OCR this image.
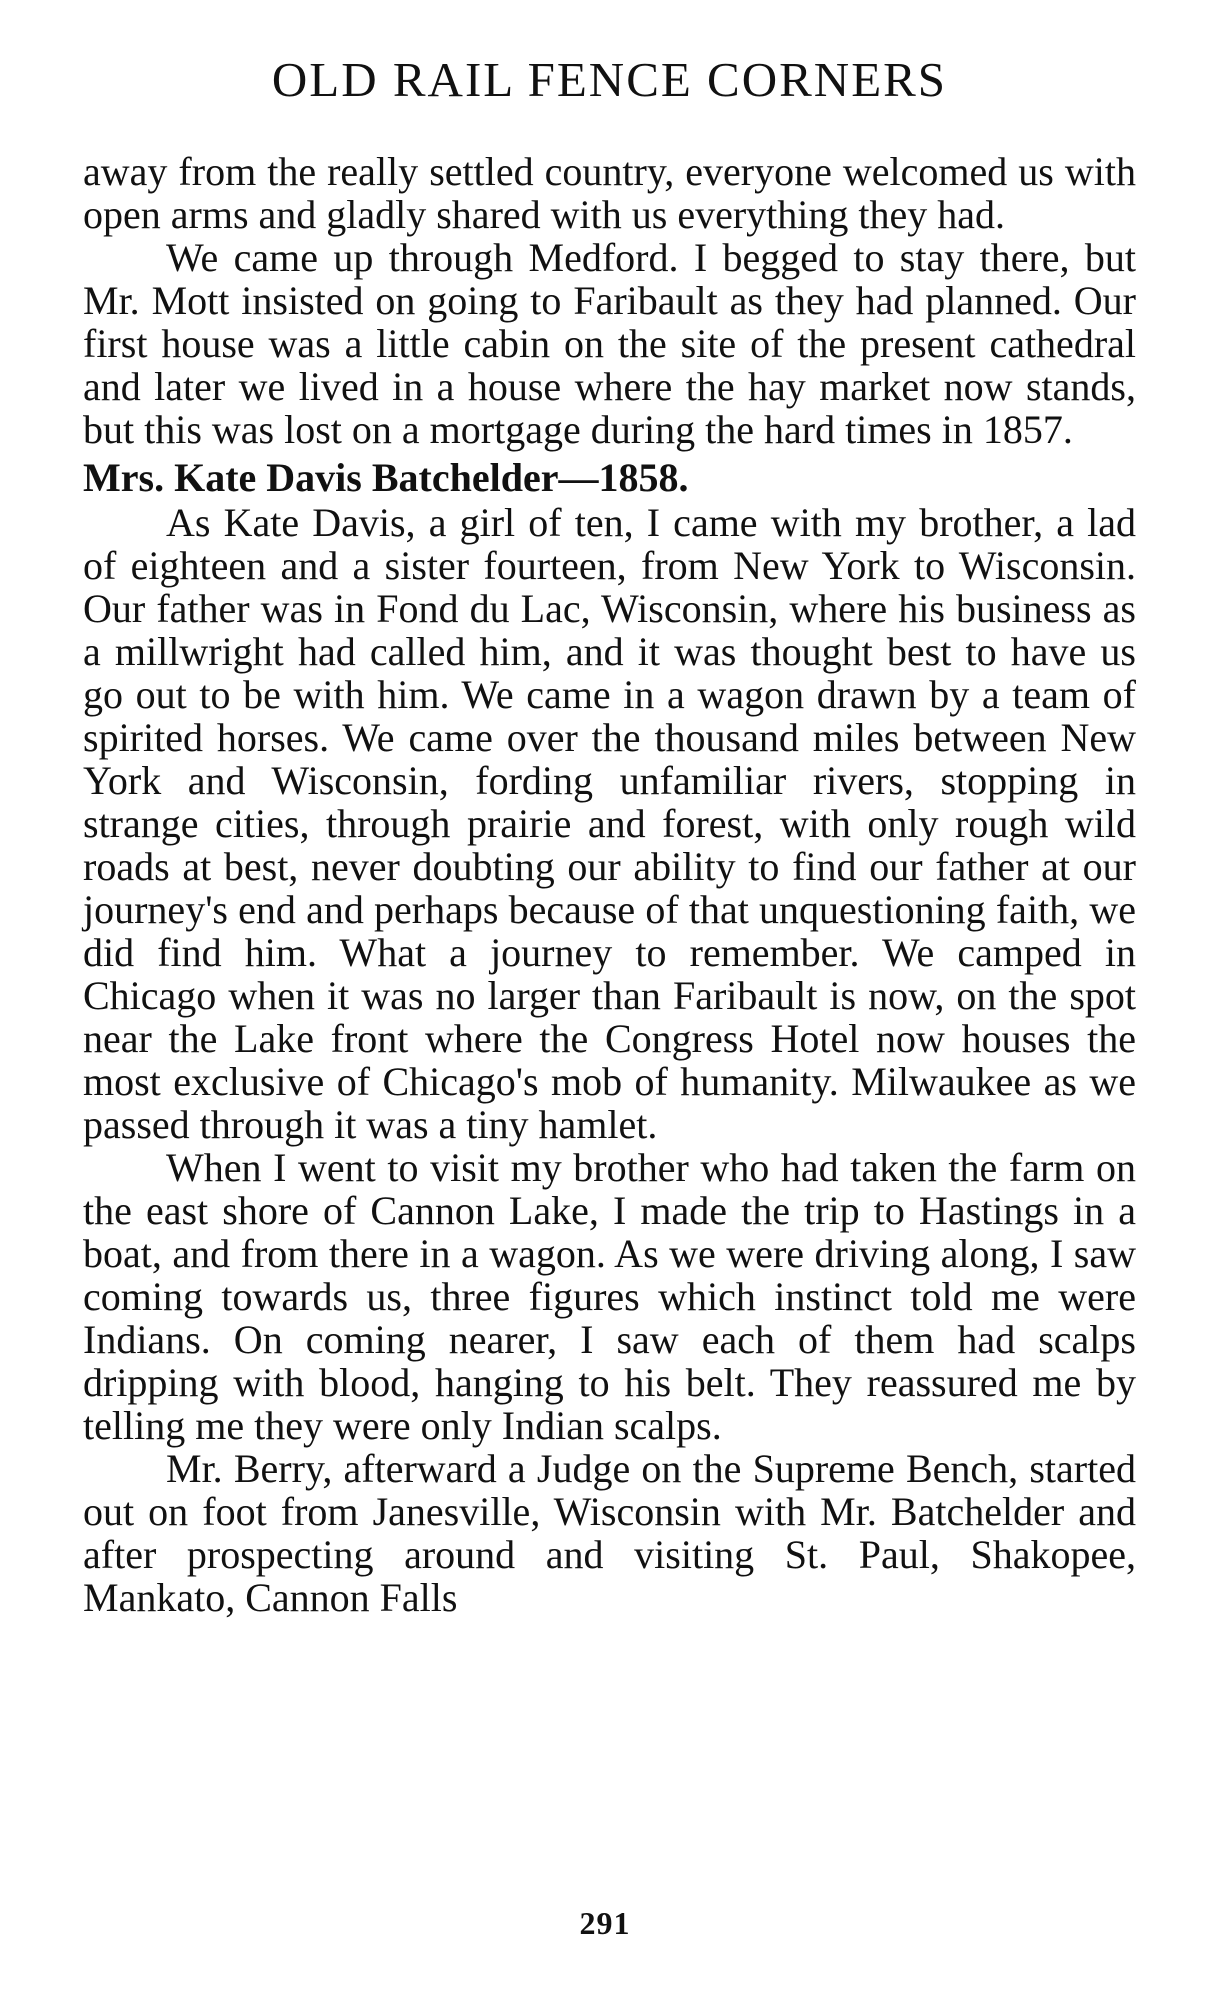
OLD RAIL FENCE CORNERS

away from the really settled country, everyone welcomed us with open arms and gladly shared with us everything they had.

We came up through Medford. I begged to stay there, but Mr. Mott insisted on going to Faribault as they had planned. Our first house was a little cabin on the site of the present cathedral and later we lived in a house where the hay market now stands, but this was lost on a mortgage during the hard times in 1857.

Mrs. Kate Davis Batchelder—1858.

As Kate Davis, a girl of ten, I came with my brother, a lad of eighteen and a sister fourteen, from New York to Wisconsin. Our father was in Fond du Lac, Wisconsin, where his business as a millwright had called him, and it was thought best to have us go out to be with him. We came in a wagon drawn by a team of spirited horses. We came over the thousand miles between New York and Wisconsin, fording unfamiliar rivers, stopping in strange cities, through prairie and forest, with only rough wild roads at best, never doubting our ability to find our father at our journey's end and perhaps because of that unquestioning faith, we did find him. What a journey to remember. We camped in Chicago when it was no larger than Faribault is now, on the spot near the Lake front where the Congress Hotel now houses the most exclusive of Chicago's mob of humanity. Milwaukee as we passed through it was a tiny hamlet.

When I went to visit my brother who had taken the farm on the east shore of Cannon Lake, I made the trip to Hastings in a boat, and from there in a wagon. As we were driving along, I saw coming towards us, three figures which instinct told me were Indians. On coming nearer, I saw each of them had scalps dripping with blood, hanging to his belt. They reassured me by telling me they were only Indian scalps.

Mr. Berry, afterward a Judge on the Supreme Bench, started out on foot from Janesville, Wisconsin with Mr. Batchelder and after prospecting around and visiting St. Paul, Shakopee, Mankato, Cannon Falls

291
